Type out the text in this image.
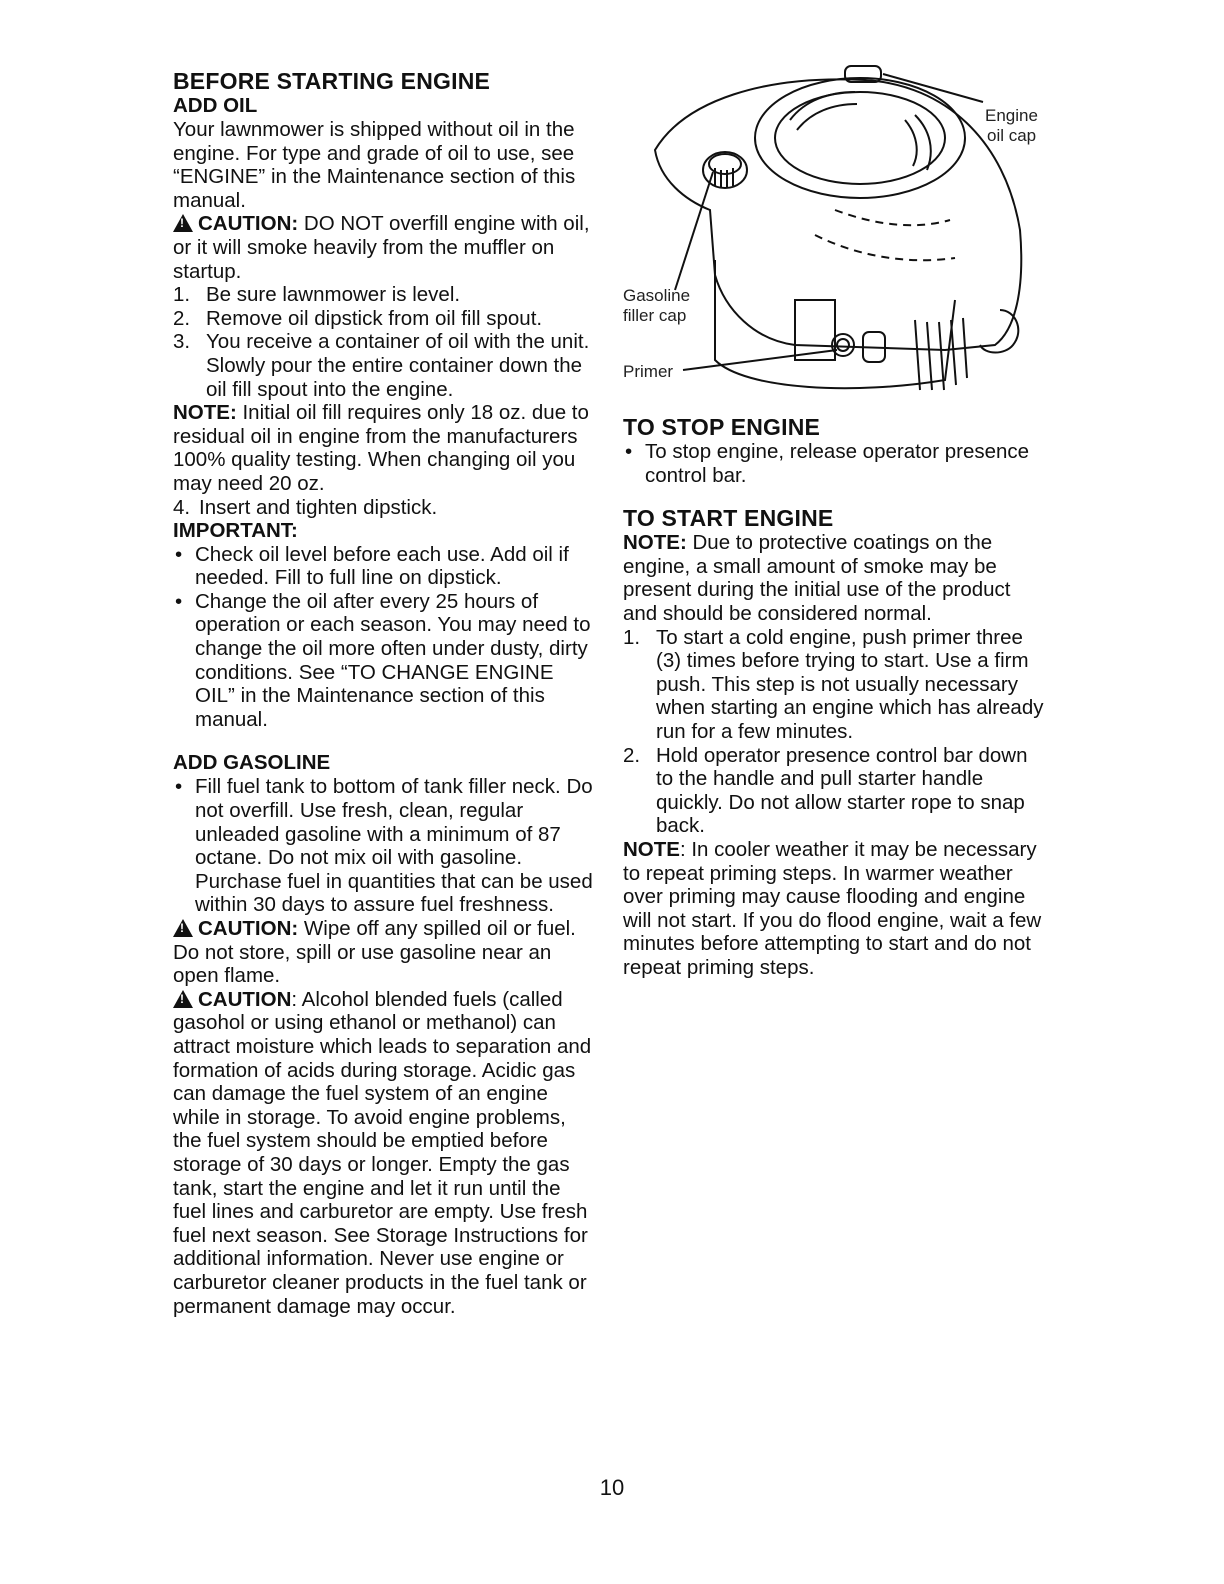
BEFORE STARTING ENGINE

ADD OIL

Your lawnmower is shipped without oil in the engine. For type and grade of oil to use, see “ENGINE” in the Maintenance section of this manual.

!CAUTION: DO NOT overfill engine with oil, or it will smoke heavily from the muffler on startup.

1. Be sure lawnmower is level.
2. Remove oil dipstick from oil fill spout.
3. You receive a container of oil with the unit. Slowly pour the entire container down the oil fill spout into the engine.

NOTE: Initial oil fill requires only 18 oz. due to residual oil in engine from the manufacturers 100% quality testing. When changing oil you may need 20 oz.

4. Insert and tighten dipstick.

IMPORTANT:

• Check oil level before each use. Add oil if needed. Fill to full line on dipstick.
• Change the oil after every 25 hours of operation or each season. You may need to change the oil more often under dusty, dirty conditions. See “TO CHANGE ENGINE OIL” in the Maintenance section of this manual.

ADD GASOLINE

• Fill fuel tank to bottom of tank filler neck. Do not overfill. Use fresh, clean, regular unleaded gasoline with a minimum of 87 octane. Do not mix oil with gasoline. Purchase fuel in quantities that can be used within 30 days to assure fuel freshness.

!CAUTION: Wipe off any spilled oil or fuel. Do not store, spill or use gasoline near an open flame.

!CAUTION: Alcohol blended fuels (called gasohol or using ethanol or methanol) can attract moisture which leads to separation and formation of acids during storage. Acidic gas can damage the fuel system of an engine while in storage. To avoid engine problems, the fuel system should be emptied before storage of 30 days or longer. Empty the gas tank, start the engine and let it run until the fuel lines and carburetor are empty. Use fresh fuel next season. See Storage Instructions for additional information. Never use engine or carburetor cleaner products in the fuel tank or permanent damage may occur.

Engine
oil cap
Gasoline
filler cap
Primer

TO STOP ENGINE

• To stop engine, release operator presence control bar.

TO START ENGINE

NOTE: Due to protective coatings on the engine, a small amount of smoke may be present during the initial use of the product and should be considered normal.

1. To start a cold engine, push primer three (3) times before trying to start. Use a firm push. This step is not usually necessary when starting an engine which has already run for a few minutes.
2. Hold operator presence control bar down to the handle and pull starter handle quickly. Do not allow starter rope to snap back.

NOTE: In cooler weather it may be necessary to repeat priming steps. In warmer weather over priming may cause flooding and engine will not start. If you do flood engine, wait a few minutes before attempting to start and do not repeat priming steps.

10
